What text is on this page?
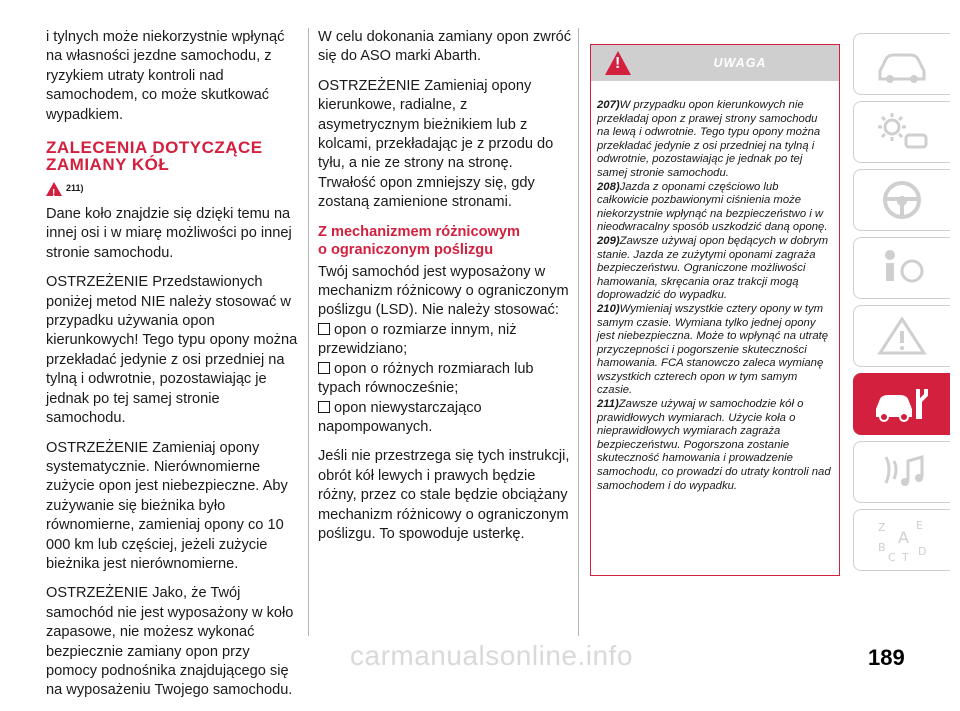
i tylnych może niekorzystnie wpłynąć na własności jezdne samochodu, z ryzykiem utraty kontroli nad samochodem, co może skutkować wypadkiem.

ZALECENIA DOTYCZĄCE
ZAMIANY KÓŁ
!
211)

Dane koło znajdzie się dzięki temu na innej osi i w miarę możliwości po innej stronie samochodu.

OSTRZEŻENIE Przedstawionych poniżej metod NIE należy stosować w przypadku używania opon kierunkowych! Tego typu opony można przekładać jedynie z osi przedniej na tylną i odwrotnie, pozostawiając je jednak po tej samej stronie samochodu.

OSTRZEŻENIE Zamieniaj opony systematycznie. Nierównomierne zużycie opon jest niebezpieczne. Aby zużywanie się bieżnika było równomierne, zamieniaj opony co 10 000 km lub częściej, jeżeli zużycie bieżnika jest nierównomierne.

OSTRZEŻENIE Jako, że Twój samochód nie jest wyposażony w koło zapasowe, nie możesz wykonać bezpiecznie zamiany opon przy pomocy podnośnika znajdującego się na wyposażeniu Twojego samochodu.

W celu dokonania zamiany opon zwróć się do ASO marki Abarth.

OSTRZEŻENIE Zamieniaj opony kierunkowe, radialne, z asymetrycznym bieżnikiem lub z kolcami, przekładając je z przodu do tyłu, a nie ze strony na stronę. Trwałość opon zmniejszy się, gdy zostaną zamienione stronami.

Z mechanizmem różnicowym
o ograniczonym poślizgu

Twój samochód jest wyposażony w mechanizm różnicowy o ograniczonym poślizgu (LSD). Nie należy stosować:

opon o rozmiarze innym, niż przewidziano;
opon o różnych rozmiarach lub typach równocześnie;
opon niewystarczająco napompowanych.

Jeśli nie przestrzega się tych instrukcji, obrót kół lewych i prawych będzie różny, przez co stale będzie obciążany mechanizm różnicowy o ograniczonym poślizgu. To spowoduje usterkę.

!
UWAGA
207)W przypadku opon kierunkowych nie przekładaj opon z prawej strony samochodu na lewą i odwrotnie. Tego typu opony można przekładać jedynie z osi przedniej na tylną i odwrotnie, pozostawiając je jednak po tej samej stronie samochodu.
208)Jazda z oponami częściowo lub całkowicie pozbawionymi ciśnienia może niekorzystnie wpłynąć na bezpieczeństwo i w nieodwracalny sposób uszkodzić daną oponę.
209)Zawsze używaj opon będących w dobrym stanie. Jazda ze zużytymi oponami zagraża bezpieczeństwu. Ograniczone możliwości hamowania, skręcania oraz trakcji mogą doprowadzić do wypadku.
210)Wymieniaj wszystkie cztery opony w tym samym czasie. Wymiana tylko jednej opony jest niebezpieczna. Może to wpłynąć na utratę przyczepności i pogorszenie skuteczności hamowania. FCA stanowczo zaleca wymianę wszystkich czterech opon w tym samym czasie.
211)Zawsze używaj w samochodzie kół o prawidłowych wymiarach. Użycie koła o nieprawidłowych wymiarach zagraża bezpieczeństwu. Pogorszona zostanie skuteczność hamowania i prowadzenie samochodu, co prowadzi do utraty kontroli nad samochodem i do wypadku.
Z	E
A
B
C T D
189
carmanualsonline.info
